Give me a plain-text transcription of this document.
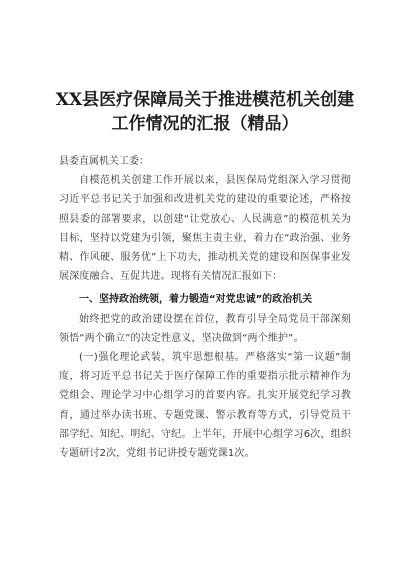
XX县医疗保障局关于推进模范机关创建工作情况的汇报（精品）

县委直属机关工委：

自模范机关创建工作开展以来，县医保局党组深入学习贯彻习近平总书记关于加强和改进机关党的建设的重要论述，严格按照县委的部署要求，以创建“让党放心、人民满意”的模范机关为目标，坚持以党建为引领，聚焦主责主业，着力在“政治强、业务精、作风硬、服务优”上下功夫，推动机关党的建设和医保事业发展深度融合、互促共进。现将有关情况汇报如下：

一、坚持政治统领，着力锻造“对党忠诚”的政治机关

始终把党的政治建设摆在首位，教育引导全局党员干部深刻领悟“两个确立”的决定性意义，坚决做到“两个维护”。

(一)强化理论武装，筑牢思想根基。严格落实“第一议题”制度，将习近平总书记关于医疗保障工作的重要指示批示精神作为党组会、理论学习中心组学习的首要内容。扎实开展党纪学习教育，通过举办读书班、专题党课、警示教育等方式，引导党员干部学纪、知纪、明纪、守纪。上半年，开展中心组学习6次，组织专题研讨2次，党组书记讲授专题党课1次。
